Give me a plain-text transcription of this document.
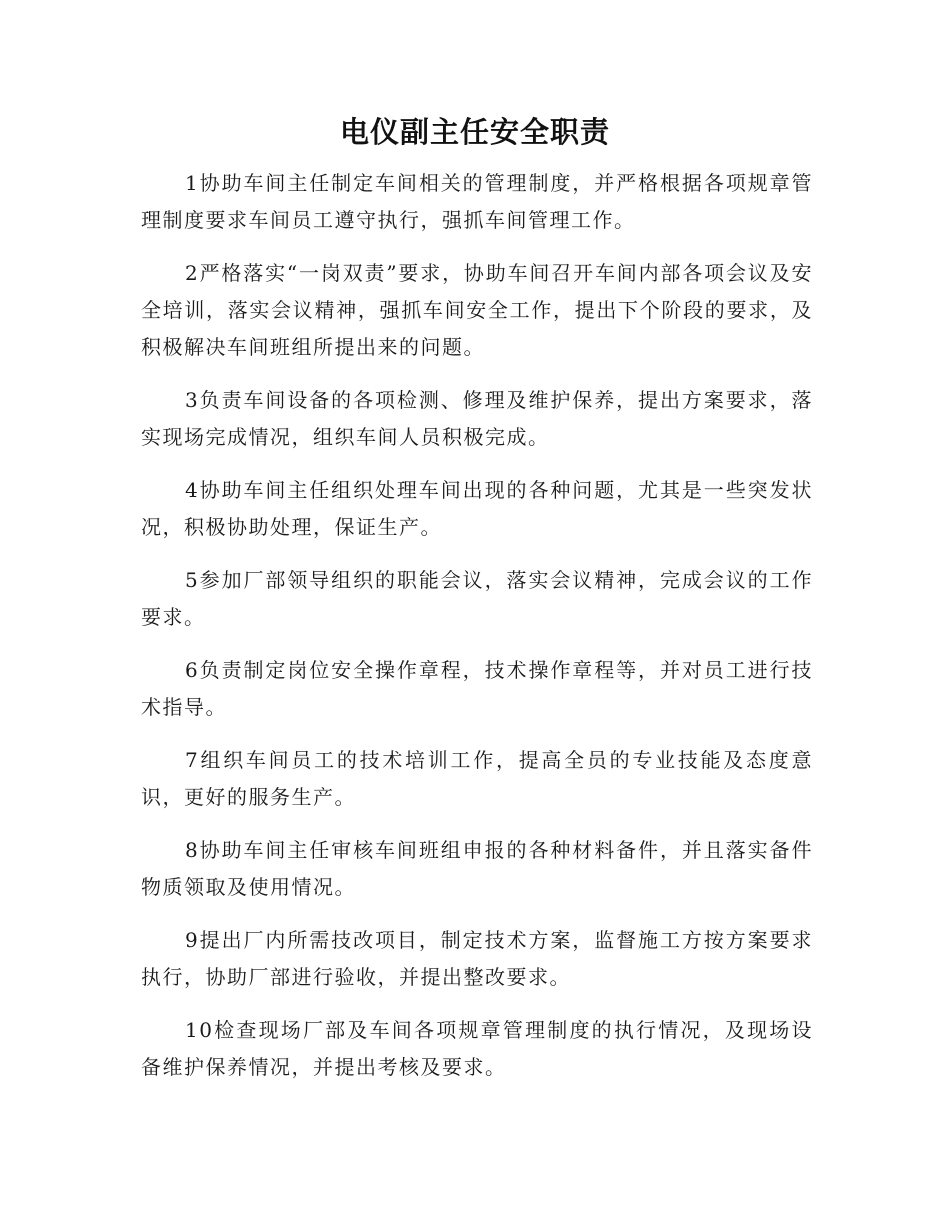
电仪副主任安全职责

1协助车间主任制定车间相关的管理制度，并严格根据各项规章管理制度要求车间员工遵守执行，强抓车间管理工作。

2严格落实“一岗双责”要求，协助车间召开车间内部各项会议及安全培训，落实会议精神，强抓车间安全工作，提出下个阶段的要求，及积极解决车间班组所提出来的问题。

3负责车间设备的各项检测、修理及维护保养，提出方案要求，落实现场完成情况，组织车间人员积极完成。

4协助车间主任组织处理车间出现的各种问题，尤其是一些突发状况，积极协助处理，保证生产。

5参加厂部领导组织的职能会议，落实会议精神，完成会议的工作要求。

6负责制定岗位安全操作章程，技术操作章程等，并对员工进行技术指导。

7组织车间员工的技术培训工作，提高全员的专业技能及态度意识，更好的服务生产。

8协助车间主任审核车间班组申报的各种材料备件，并且落实备件物质领取及使用情况。

9提出厂内所需技改项目，制定技术方案，监督施工方按方案要求执行，协助厂部进行验收，并提出整改要求。

10检查现场厂部及车间各项规章管理制度的执行情况，及现场设备维护保养情况，并提出考核及要求。
